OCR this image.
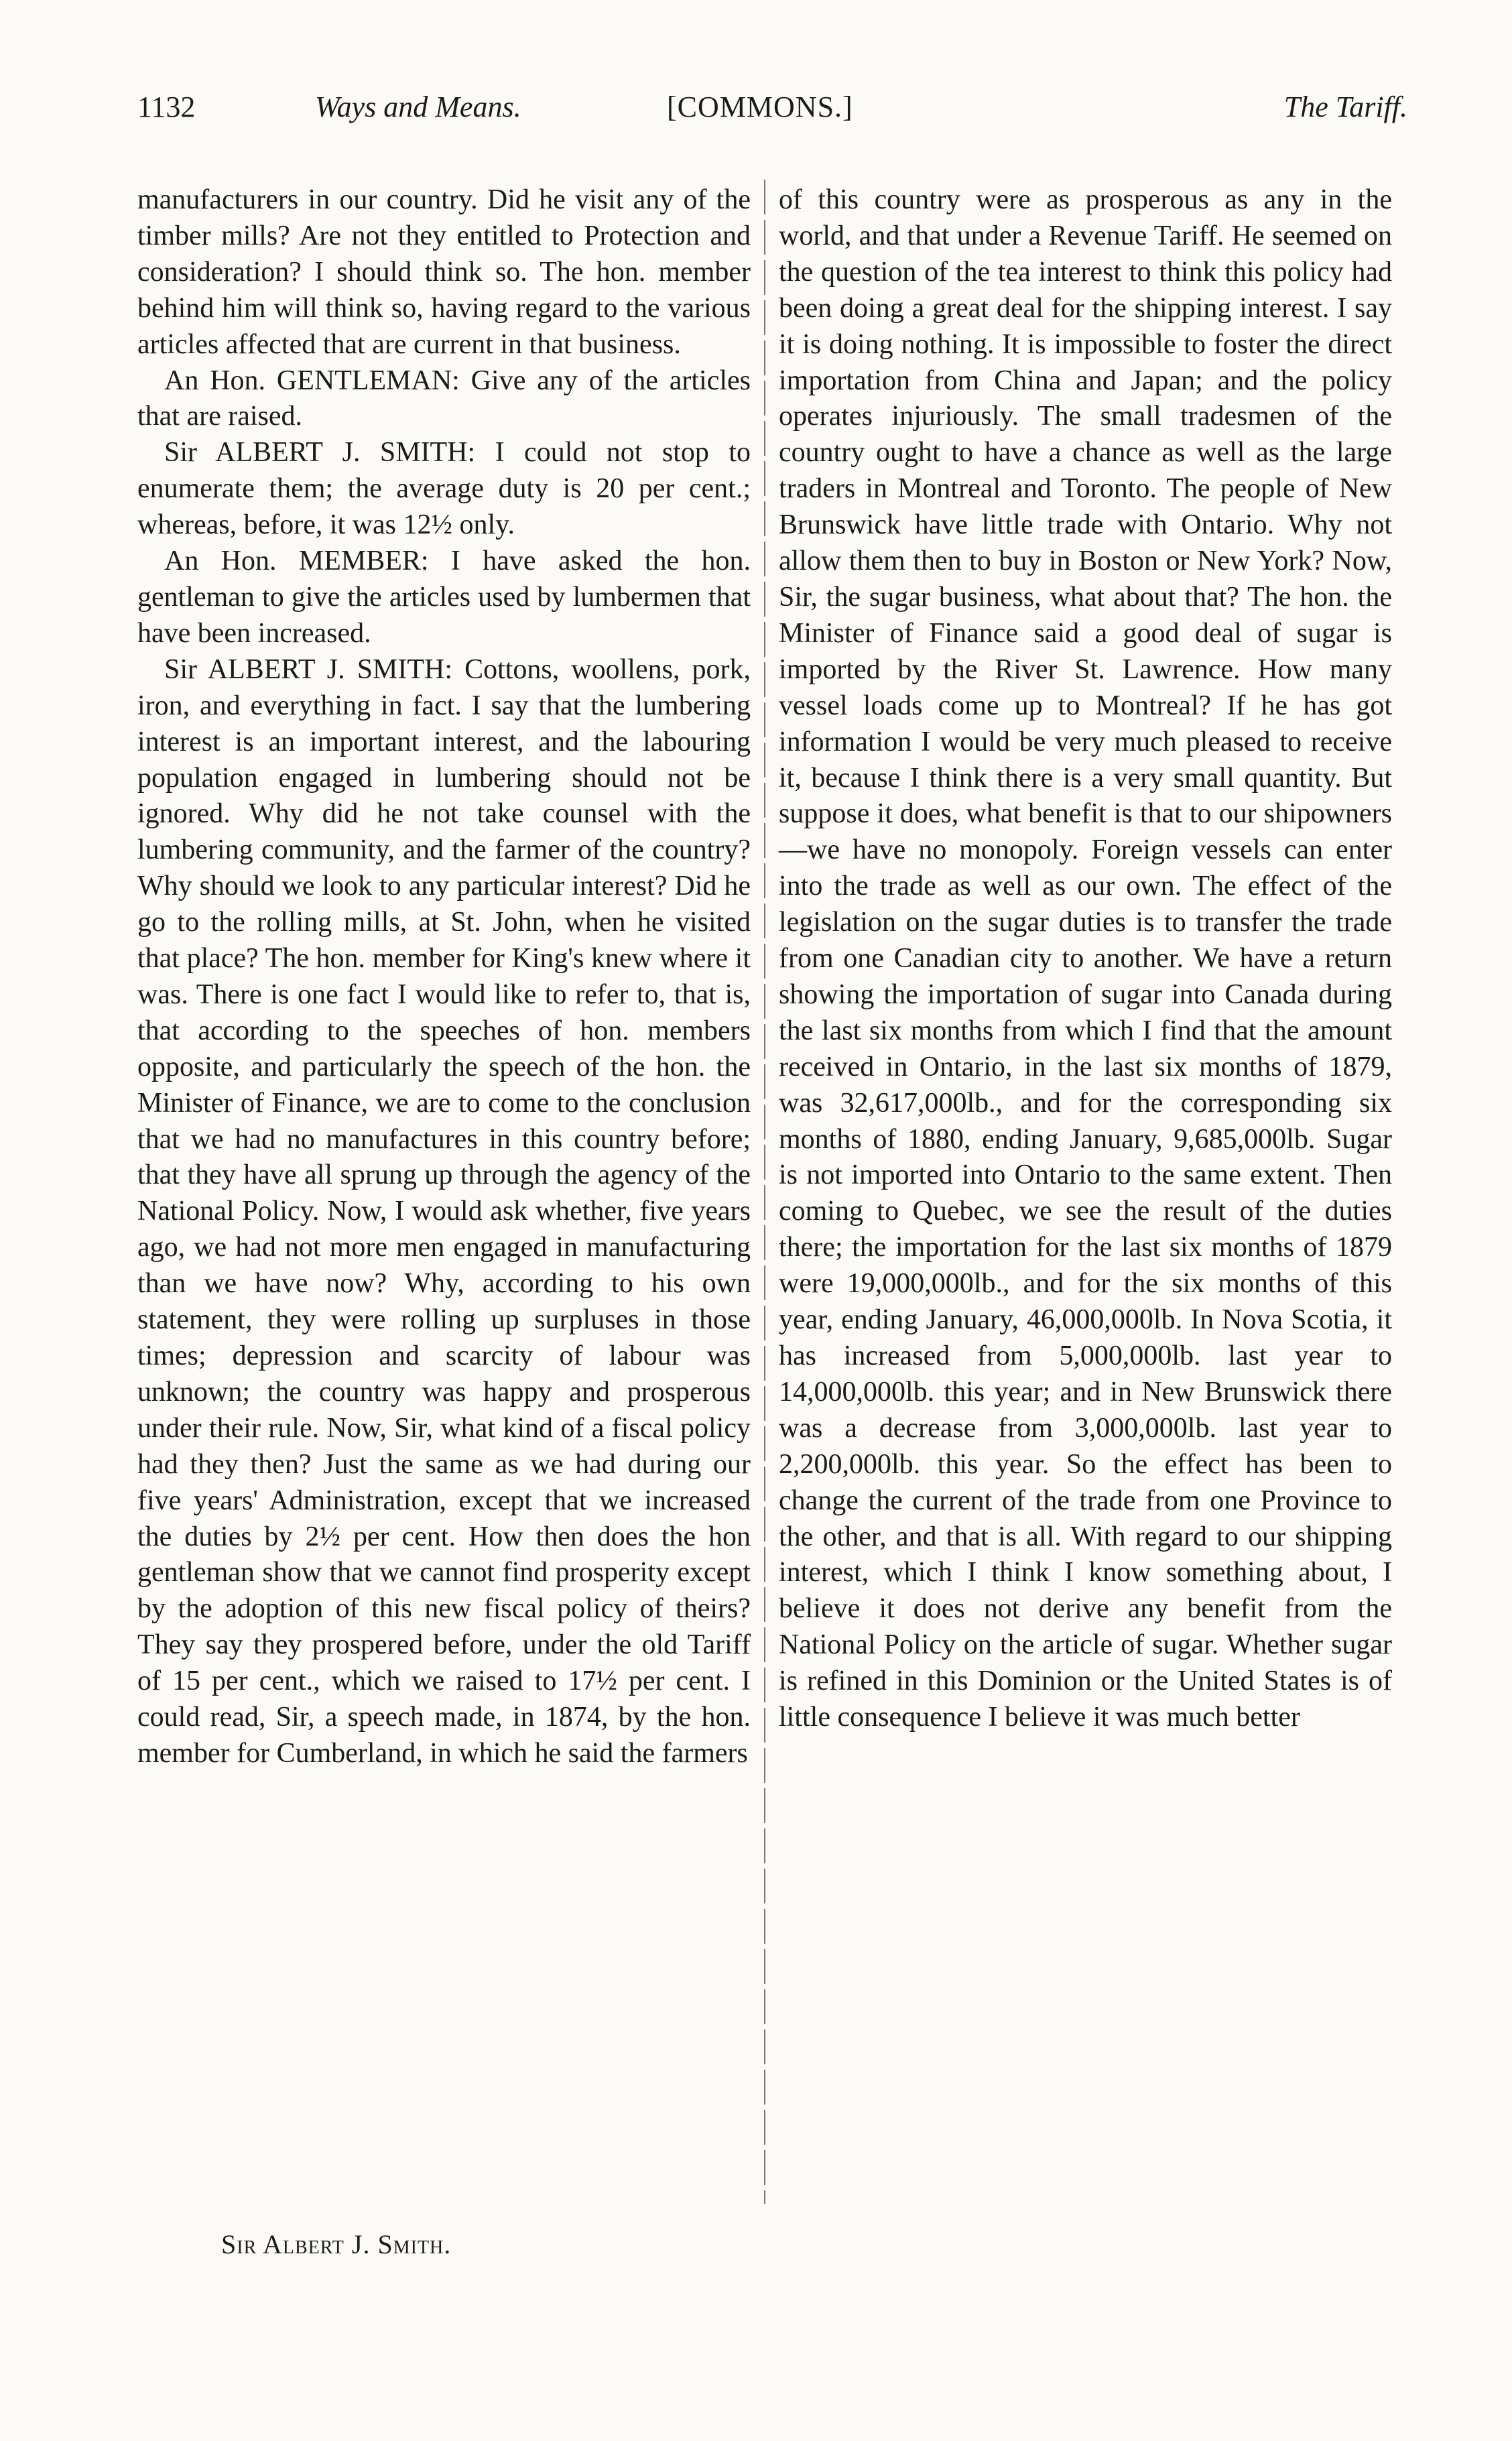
1132	Ways and Means.	[COMMONS.]	The Tariff.

manufacturers in our country. Did he visit any of the timber mills? Are not they entitled to Protection and consideration? I should think so. The hon. member behind him will think so, having regard to the various articles affected that are current in that business.

An Hon. GENTLEMAN: Give any of the articles that are raised.

Sir ALBERT J. SMITH: I could not stop to enumerate them; the average duty is 20 per cent.; whereas, before, it was 12½ only.

An Hon. MEMBER: I have asked the hon. gentleman to give the articles used by lumbermen that have been increased.

Sir ALBERT J. SMITH: Cottons, woollens, pork, iron, and everything in fact. I say that the lumbering interest is an important interest, and the labouring population engaged in lumbering should not be ignored. Why did he not take counsel with the lumbering community, and the farmer of the country? Why should we look to any particular interest? Did he go to the rolling mills, at St. John, when he visited that place? The hon. member for King's knew where it was. There is one fact I would like to refer to, that is, that according to the speeches of hon. members opposite, and particularly the speech of the hon. the Minister of Finance, we are to come to the conclusion that we had no manufactures in this country before; that they have all sprung up through the agency of the National Policy. Now, I would ask whether, five years ago, we had not more men engaged in manufacturing than we have now? Why, according to his own statement, they were rolling up surpluses in those times; depression and scarcity of labour was unknown; the country was happy and prosperous under their rule. Now, Sir, what kind of a fiscal policy had they then? Just the same as we had during our five years' Administration, except that we increased the duties by 2½ per cent. How then does the hon gentleman show that we cannot find prosperity except by the adoption of this new fiscal policy of theirs? They say they prospered before, under the old Tariff of 15 per cent., which we raised to 17½ per cent. I could read, Sir, a speech made, in 1874, by the hon. member for Cumberland, in which he said the farmers

of this country were as prosperous as any in the world, and that under a Revenue Tariff. He seemed on the question of the tea interest to think this policy had been doing a great deal for the shipping interest. I say it is doing nothing. It is impossible to foster the direct importation from China and Japan; and the policy operates injuriously. The small tradesmen of the country ought to have a chance as well as the large traders in Montreal and Toronto. The people of New Brunswick have little trade with Ontario. Why not allow them then to buy in Boston or New York? Now, Sir, the sugar business, what about that? The hon. the Minister of Finance said a good deal of sugar is imported by the River St. Lawrence. How many vessel loads come up to Montreal? If he has got information I would be very much pleased to receive it, because I think there is a very small quantity. But suppose it does, what benefit is that to our shipowners—we have no monopoly. Foreign vessels can enter into the trade as well as our own. The effect of the legislation on the sugar duties is to transfer the trade from one Canadian city to another. We have a return showing the importation of sugar into Canada during the last six months from which I find that the amount received in Ontario, in the last six months of 1879, was 32,617,000lb., and for the corresponding six months of 1880, ending January, 9,685,000lb. Sugar is not imported into Ontario to the same extent. Then coming to Quebec, we see the result of the duties there; the importation for the last six months of 1879 were 19,000,000lb., and for the six months of this year, ending January, 46,000,000lb. In Nova Scotia, it has increased from 5,000,000lb. last year to 14,000,000lb. this year; and in New Brunswick there was a decrease from 3,000,000lb. last year to 2,200,000lb. this year. So the effect has been to change the current of the trade from one Province to the other, and that is all. With regard to our shipping interest, which I think I know something about, I believe it does not derive any benefit from the National Policy on the article of sugar. Whether sugar is refined in this Dominion or the United States is of little consequence I believe it was much better

Sir Albert J. Smith.
